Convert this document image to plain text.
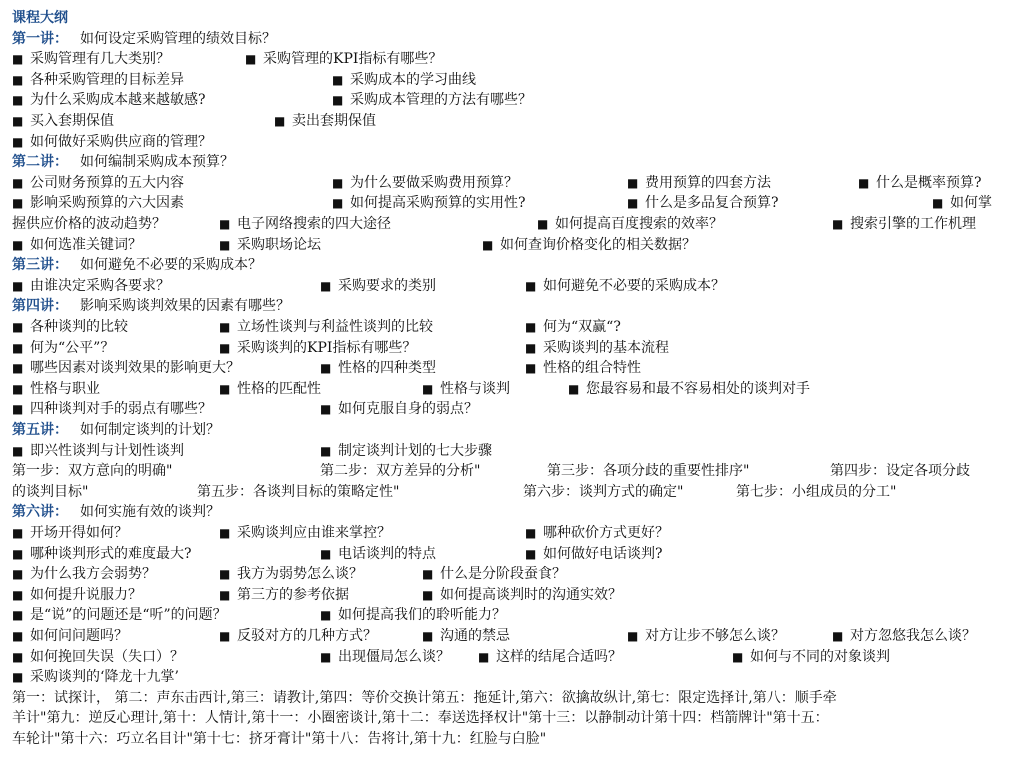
课程大纲
第一讲： 如何设定采购管理的绩效目标？
■ 采购管理有几大类别？	■ 采购管理的KPI指标有哪些？
■ 各种采购管理的目标差异	■ 采购成本的学习曲线
■ 为什么采购成本越来越敏感?	■ 采购成本管理的方法有哪些？
■ 买入套期保值	■ 卖出套期保值
■ 如何做好采购供应商的管理？
第二讲： 如何编制采购成本预算？
■ 公司财务预算的五大内容	■ 为什么要做采购费用预算？	■ 费用预算的四套方法	■ 什么是概率预算?
■ 影响采购预算的六大因素	■ 如何提高采购预算的实用性?	■ 什么是多品复合预算?	■ 如何掌
握供应价格的波动趋势？	■ 电子网络搜索的四大途径	■ 如何提高百度搜索的效率？	■ 搜索引擎的工作机理
■ 如何选准关键词？	■ 采购职场论坛	■ 如何查询价格变化的相关数据？
第三讲： 如何避免不必要的采购成本？
■ 由谁决定采购各要求？	■ 采购要求的类别	■ 如何避免不必要的采购成本？
第四讲： 影响采购谈判效果的因素有哪些？
■ 各种谈判的比较	■ 立场性谈判与利益性谈判的比较	■ 何为“双赢“?
■ 何为“公平”？	■ 采购谈判的KPI指标有哪些？	■ 采购谈判的基本流程
■ 哪些因素对谈判效果的影响更大？	■ 性格的四种类型	■ 性格的组合特性
■ 性格与职业	■ 性格的匹配性	■ 性格与谈判	■ 您最容易和最不容易相处的谈判对手
■ 四种谈判对手的弱点有哪些？	■ 如何克服自身的弱点？
第五讲： 如何制定谈判的计划？
■ 即兴性谈判与计划性谈判	■ 制定谈判计划的七大步骤
第一步：双方意向的明确"	第二步：双方差异的分析"	第三步：各项分歧的重要性排序"	第四步：设定各项分歧
的谈判目标"	第五步：各谈判目标的策略定性"	第六步：谈判方式的确定"	第七步：小组成员的分工"
第六讲： 如何实施有效的谈判？
■ 开场开得如何？	■ 采购谈判应由谁来掌控？	■ 哪种砍价方式更好？
■ 哪种谈判形式的难度最大?	■ 电话谈判的特点	■ 如何做好电话谈判?
■ 为什么我方会弱势？	■ 我方为弱势怎么谈？	■ 什么是分阶段蚕食？
■ 如何提升说服力？	■ 第三方的参考依据	■ 如何提高谈判时的沟通实效？
■ 是“说”的问题还是“听”的问题？	■ 如何提高我们的聆听能力？
■ 如何问问题吗？	■ 反驳对方的几种方式？	■ 沟通的禁忌	■ 对方让步不够怎么谈？	■ 对方忽悠我怎么谈？
■ 如何挽回失误（失口）？	■ 出现僵局怎么谈？ ■ 这样的结尾合适吗？	■ 如何与不同的对象谈判
■ 采购谈判的‘降龙十九掌’
第一：试探计， 第二：声东击西计,第三：请教计,第四：等价交换计第五：拖延计,第六：欲擒故纵计,第七：限定选择计,第八：顺手牵
羊计"第九：逆反心理计,第十：人情计,第十一：小圈密谈计,第十二：奉送选择权计"第十三：以静制动计第十四：档箭牌计"第十五：
车轮计"第十六：巧立名目计"第十七：挤牙膏计"第十八：告将计,第十九：红脸与白脸"
